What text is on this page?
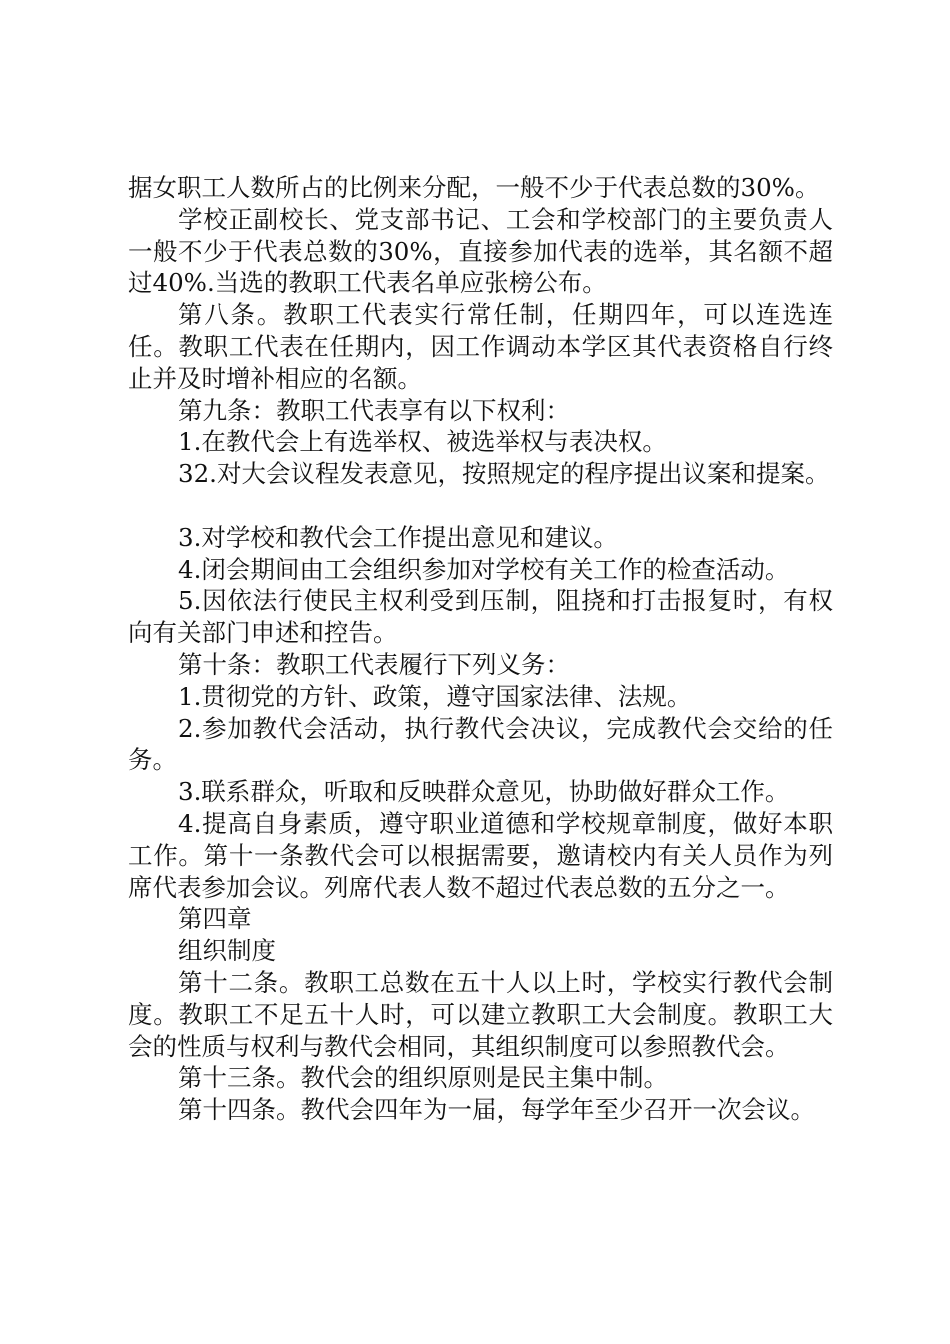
据女职工人数所占的比例来分配，一般不少于代表总数的30%。

学校正副校长、党支部书记、工会和学校部门的主要负责人一般不少于代表总数的30%，直接参加代表的选举，其名额不超过40%.当选的教职工代表名单应张榜公布。

第八条。教职工代表实行常任制，任期四年，可以连选连任。教职工代表在任期内，因工作调动本学区其代表资格自行终止并及时增补相应的名额。

第九条：教职工代表享有以下权利：

1.在教代会上有选举权、被选举权与表决权。

32.对大会议程发表意见，按照规定的程序提出议案和提案。

3.对学校和教代会工作提出意见和建议。

4.闭会期间由工会组织参加对学校有关工作的检查活动。

5.因依法行使民主权利受到压制，阻挠和打击报复时，有权向有关部门申述和控告。

第十条：教职工代表履行下列义务：

1.贯彻党的方针、政策，遵守国家法律、法规。

2.参加教代会活动，执行教代会决议，完成教代会交给的任务。

3.联系群众，听取和反映群众意见，协助做好群众工作。

4.提高自身素质，遵守职业道德和学校规章制度，做好本职工作。第十一条教代会可以根据需要，邀请校内有关人员作为列席代表参加会议。列席代表人数不超过代表总数的五分之一。

第四章

组织制度

第十二条。教职工总数在五十人以上时，学校实行教代会制度。教职工不足五十人时，可以建立教职工大会制度。教职工大会的性质与权利与教代会相同，其组织制度可以参照教代会。

第十三条。教代会的组织原则是民主集中制。

第十四条。教代会四年为一届，每学年至少召开一次会议。
